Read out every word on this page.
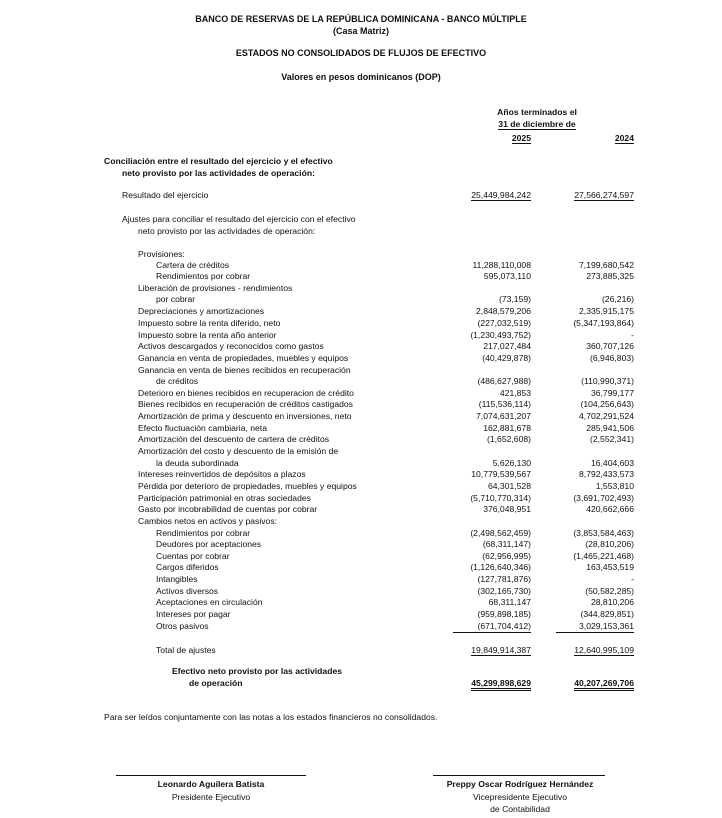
BANCO DE RESERVAS DE LA REPÚBLICA DOMINICANA - BANCO MÚLTIPLE
(Casa Matriz)
ESTADOS NO CONSOLIDADOS DE FLUJOS DE EFECTIVO
Valores en pesos dominicanos (DOP)
Años terminados el
31 de diciembre de
2025	2024
Conciliación entre el resultado del ejercicio y el efectivo
neto provisto por las actividades de operación:
Resultado del ejercicio	25,449,984,242	27,566,274,597
Ajustes para conciliar el resultado del ejercicio con el efectivo
neto provisto por las actividades de operación:
Provisiones:
Cartera de créditos	11,288,110,008	7,199,680,542
Rendimientos por cobrar	595,073,110	273,885,325
Liberación de provisiones - rendimientos
por cobrar	(73,159)	(26,216)
Depreciaciones y amortizaciones	2,848,579,206	2,335,915,175
Impuesto sobre la renta diferido, neto	(227,032,519)	(5,347,193,864)
Impuesto sobre la renta año anterior	(1,230,493,752)	-
Activos descargados y reconocidos como gastos	217,027,484	360,707,126
Ganancia en venta de propiedades, muebles y equipos	(40,429,878)	(6,946,803)
Ganancia en venta de bienes recibidos en recuperación
de créditos	(486,627,988)	(110,990,371)
Deterioro en bienes recibidos en recuperacion de crédito	421,853	36,799,177
Bienes recibidos en recuperación de créditos castigados	(115,536,114)	(104,256,643)
Amortización de prima y descuento en inversiones, neto	7,074,631,207	4,702,291,524
Efecto fluctuación cambiaria, neta	162,881,678	285,941,506
Amortización del descuento de cartera de créditos	(1,652,608)	(2,552,341)
Amortización del costo y descuento de la emisión de
la deuda subordinada	5,626,130	16,404,603
Intereses reinvertidos de depósitos a plazos	10,779,539,567	8,792,433,573
Pérdida por deterioro de propiedades, muebles y equipos	64,301,528	1,553,810
Participación patrimonial en otras sociedades	(5,710,770,314)	(3,691,702,493)
Gasto por incobrabilidad de cuentas por cobrar	376,048,951	420,662,666
Cambios netos en activos y pasivos:
Rendimientos por cobrar	(2,498,562,459)	(3,853,584,463)
Deudores por aceptaciones	(68,311,147)	(28,810,206)
Cuentas por cobrar	(62,956,995)	(1,465,221,468)
Cargos diferidos	(1,126,640,346)	163,453,519
Intangibles	(127,781,876)	-
Activos diversos	(302,165,730)	(50,582,285)
Aceptaciones en circulación	68,311,147	28,810,206
Intereses por pagar	(959,898,185)	(344,829,851)
Otros pasivos	(671,704,412)	3,029,153,361
Total de ajustes	19,849,914,387	12,640,995,109
Efectivo neto provisto por las actividades
de operación	45,299,898,629	40,207,269,706
Para ser leídos conjuntamente con las notas a los estados financieros no consolidados.
Leonardo Aguilera Batista
Presidente Ejecutivo
Preppy Oscar Rodríguez Hernández
Vicepresidente Ejecutivo
de Contabilidad
